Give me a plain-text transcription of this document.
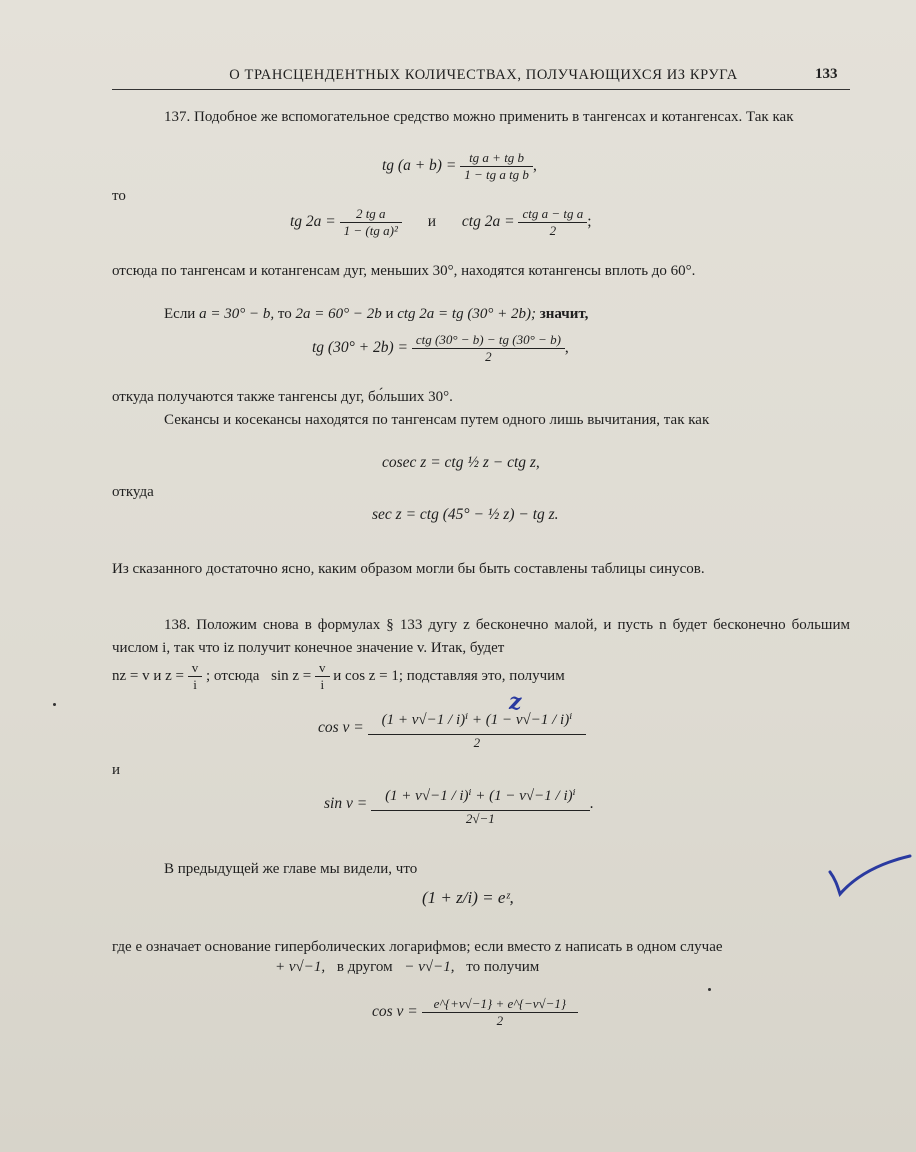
О ТРАНСЦЕНДЕНТНЫХ КОЛИЧЕСТВАХ, ПОЛУЧАЮЩИХСЯ ИЗ КРУГА	133

137. Подобное же вспомогательное средство можно применить в тангенсах и котангенсах. Так как

tg $(a + b) = \frac{\text{tg a + tg b}}{\text{1 − tg a tg b}}$ ,
то
tg $2a = \frac{\text{2 tg a}}{\text{1 − (tg a)²}}$ и ctg $2a = \frac{\text{ctg a − tg a}}{2}$ ;

отсюда по тангенсам и котангенсам дуг, меньших 30°, находятся котангенсы вплоть до 60°.

Если a = 30° − b, то 2a = 60° − 2b и ctg 2a = tg (30° + 2b); значит,
tg $(30^\circ + 2b) = \frac{\text{ctg (30° − b) − tg (30° − b)}}{2}$ ,

откуда получаются также тангенсы дуг, бо́льших 30°.

Секансы и косекансы находятся по тангенсам путем одного лишь вычитания, так как

cosec z = ctg ½ z − ctg z,
откуда
sec z = ctg (45° − ½ z) − tg z.

Из сказанного достаточно ясно, каким образом могли бы быть составлены таблицы синусов.

138. Положим снова в формулах § 133 дугу z бесконечно малой, и пусть n будет бесконечно большим числом i, так что iz получит конечное значение v. Итак, будет

nz = v и $z = \frac{v}{i}$ ; отсюда $\sin z = \frac{v}{i}$ и cos z = 1; подставляя это, получим
z
$\cos v = \frac{\text{(1 + v√−1 / i)ⁱ + (1 − v√−1 / i)ⁱ}}{2}$
и
$\sin v = \frac{\text{(1 + v√−1 / i)ⁱ + (1 − v√−1 / i)ⁱ}}{2√-1}$ .

В предыдущей же главе мы видели, что

(1 + z/i) = eᶻ,

где e означает основание гиперболических логарифмов; если вместо z написать в одном случае

+ v√−1, в другом − v√−1, то получим
$\cos v = \frac{e\^{}\{+v√-1\} + e\^{}\{-v√-1\}}{2}$
